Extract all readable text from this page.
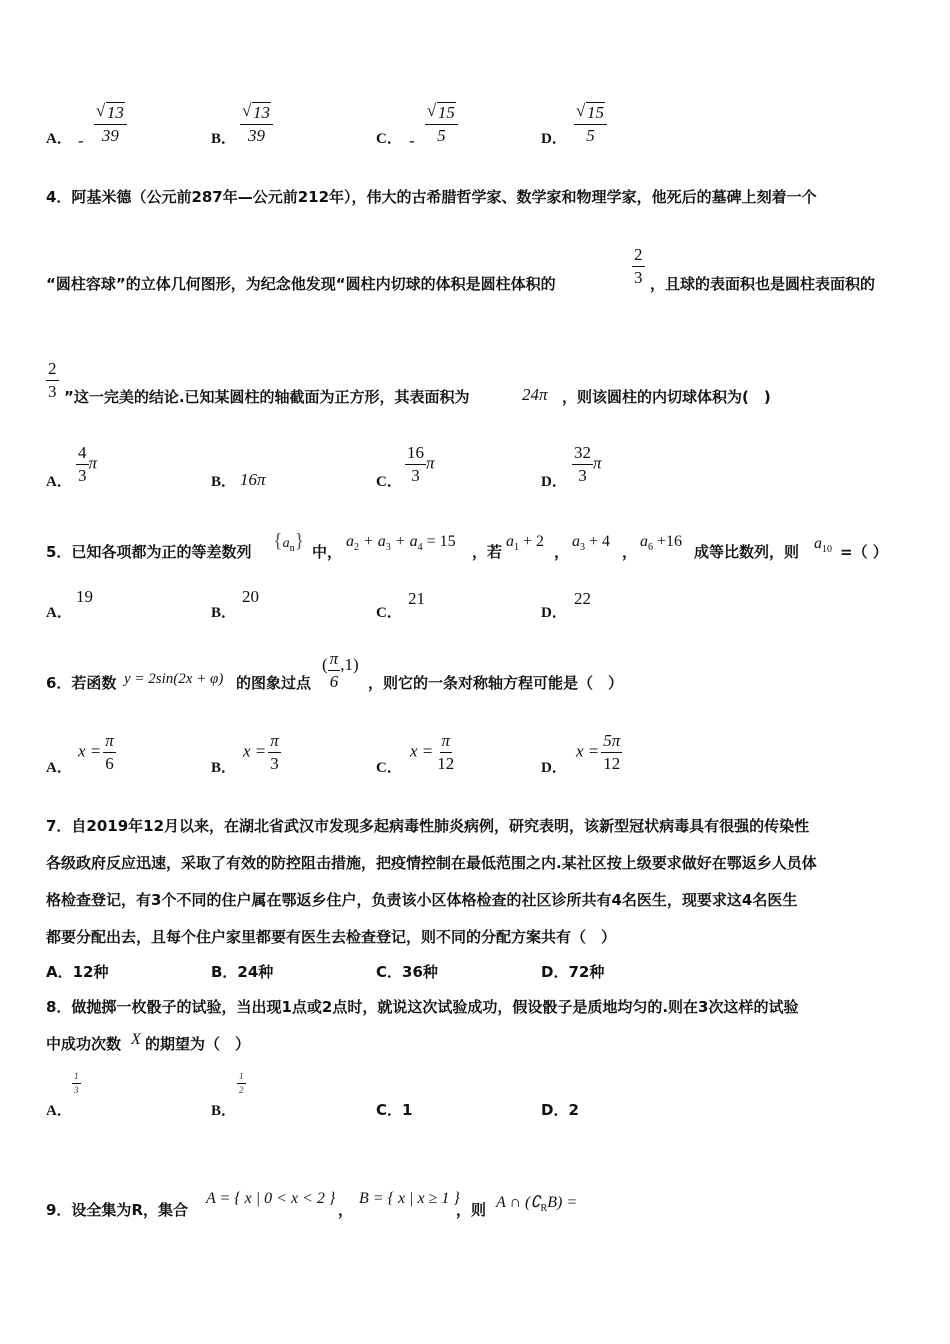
A． - √ $\frac{13}{39}$	B． √ $\frac{13}{39}$	C． - √ $\frac{15}{5}$	D． √ $\frac{15}{5}$
4．阿基米德（公元前287年—公元前212年），伟大的古希腊哲学家、数学家和物理学家，他死后的墓碑上刻着一个
“圆柱容球”的立体几何图形，为纪念他发现“圆柱内切球的体积是圆柱体积的	$\frac{2}{3}$ ，且球的表面积也是圆柱表面积的
$\frac{2}{3}$ ”这一完美的结论.已知某圆柱的轴截面为正方形，其表面积为	24π ，则该圆柱的内切球体积为(　)
A． $\frac{4}{3}$ π
B． 16π	C． $\frac{16}{3}$ π
D． $\frac{32}{3}$ π
5．已知各项都为正的等差数列 $\{a_n\}$ 中，
$a_2 + a_3 + a_4 = 15$
，若
$a_1 + 2$
，
$a_3 + 4$
，
$a_6 +16$
成等比数列，则 $a_{10}$ =（ ）
A．
19
B．
20
C．
21
D．
22
6．若函数 y = 2sin(2x + φ) 的图象过点
( $\frac{\pi}{6} ,1$)
，则它的一条对称轴方程可能是（　）
A．
$x = \frac{\pi}{6}$	B．
$x = \frac{\pi}{3}$	C．
$x = \frac{\pi}{12}$	D．
$x = \frac{5\pi}{12}$
7．自2019年12月以来，在湖北省武汉市发现多起病毒性肺炎病例，研究表明，该新型冠状病毒具有很强的传染性
各级政府反应迅速，采取了有效的防控阻击措施，把疫情控制在最低范围之内.某社区按上级要求做好在鄂返乡人员体
格检查登记，有3个不同的住户属在鄂返乡住户，负责该小区体格检查的社区诊所共有4名医生，现要求这4名医生
都要分配出去，且每个住户家里都要有医生去检查登记，则不同的分配方案共有（　）
A．12种	B．24种	C．36种	D．72种
8．做抛掷一枚骰子的试验，当出现1点或2点时，就说这次试验成功，假设骰子是质地均匀的.则在3次这样的试验
中成功次数 X 的期望为（　）
A．
$\frac{1}{3}$
B．
$\frac{1}{2}$
C．1	D．2
9．设全集为R，集合
A = { x | 0 < x < 2 }
，
B = { x | x ≥ 1 }
，则 A ∩ $(∁_RB)$ =
